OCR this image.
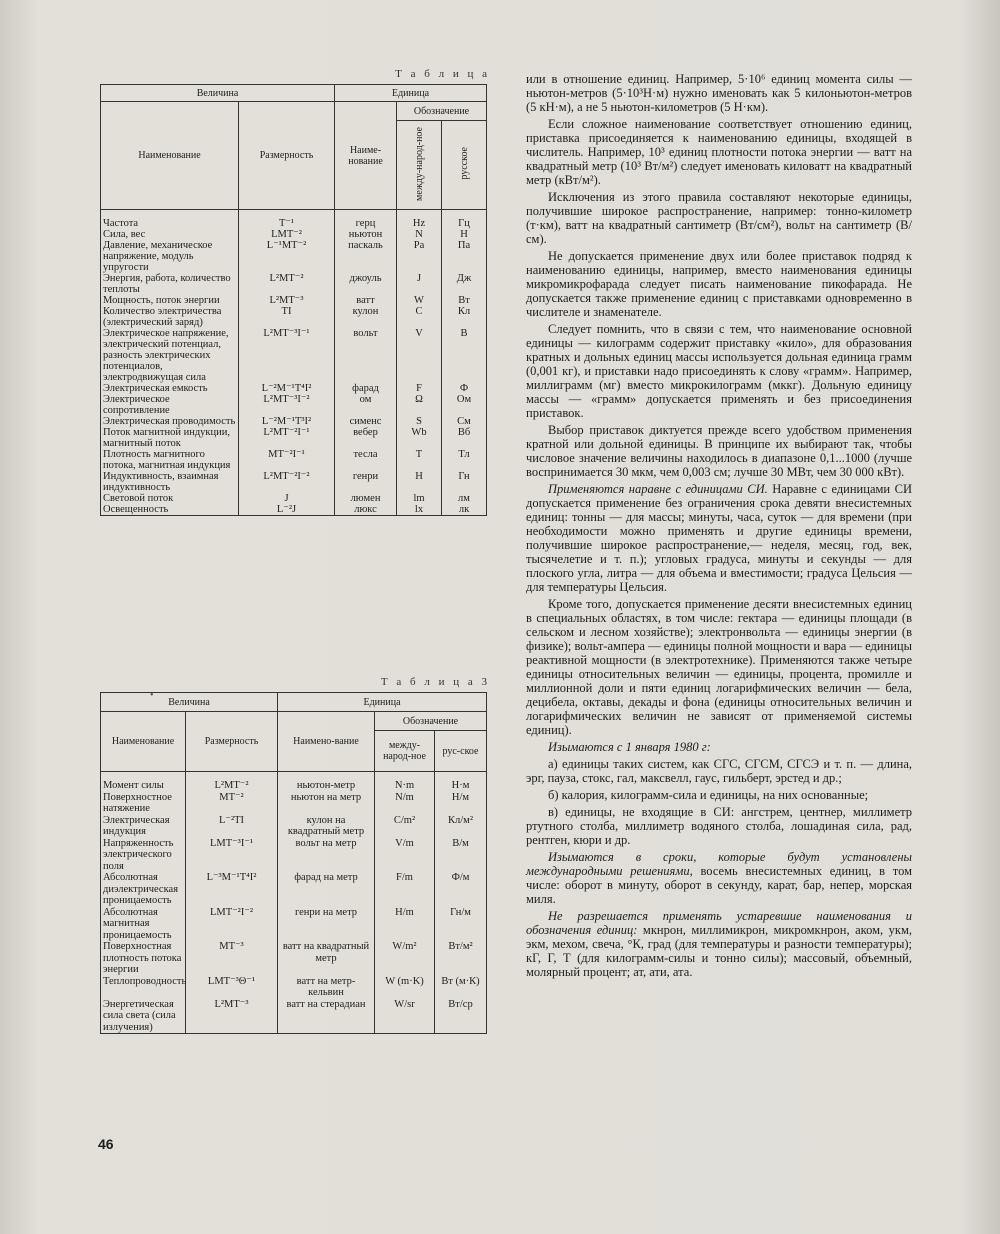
Т а б л и ц а
Величина		Единица		
Наименование	Размерность	Наиме-нование	Обозначение	
			между-народ-ное	русское
Частота	T⁻¹	герц	Hz	Гц
Сила, вес	LMT⁻²	ньютон	N	Н
Давление, механическое напряжение, модуль упругости	L⁻¹MT⁻²	паскаль	Pa	Па
Энергия, работа, количество теплоты	L²MT⁻²	джоуль	J	Дж
Мощность, поток энергии	L²MT⁻³	ватт	W	Вт
Количество электричества (электрический заряд)	TI	кулон	C	Кл
Электрическое напряжение, электрический потенциал, разность электрических потенциалов, электродвижущая сила	L²MT⁻³I⁻¹	вольт	V	В
Электрическая емкость	L⁻²M⁻¹T⁴I²	фарад	F	Ф
Электрическое сопротивление	L²MT⁻³I⁻²	ом	Ω	Ом
Электрическая проводимость	L⁻²M⁻¹T³I²	сименс	S	См
Поток магнитной индукции, магнитный поток	L²MT⁻²I⁻¹	вебер	Wb	Вб
Плотность магнитного потока, магнитная индукция	MT⁻²I⁻¹	тесла	T	Тл
Индуктивность, взаимная индуктивность	L²MT⁻²I⁻²	генри	H	Гн
Световой поток	J	люмен	lm	лм
Освещенность	L⁻²J	люкс	lx	лк

•
Т а б л и ц а 3
Величина		Единица		
Наименование	Размерность	Наимено-вание	Обозначение	
			между-народ-ное	рус-ское
Момент силы	L²MT⁻²	ньютон-метр	N·m	Н·м
Поверхностное натяжение	MT⁻²	ньютон на метр	N/m	Н/м
Электрическая индукция	L⁻²TI	кулон на квадратный метр	C/m²	Кл/м²
Напряженность электрического поля	LMT⁻³I⁻¹	вольт на метр	V/m	В/м
Абсолютная диэлектрическая проницаемость	L⁻³M⁻¹T⁴I²	фарад на метр	F/m	Ф/м
Абсолютная магнитная проницаемость	LMT⁻²I⁻²	генри на метр	H/m	Гн/м
Поверхностная плотность потока энергии	MT⁻³	ватт на квадратный метр	W/m²	Вт/м²
Теплопроводность	LMT⁻³Θ⁻¹	ватт на метр-кельвин	W (m·K)	Вт (м·К)
Энергетическая сила света (сила излучения)	L²MT⁻³	ватт на стерадиан	W/sr	Вт/ср

46

или в отношение единиц. Например, 5·10⁶ единиц момента силы — ньютон-метров (5·10³Н·м) нужно именовать как 5 килоньютон-метров (5 кН·м), а не 5 ньютон-километров (5 Н·км).

Если сложное наименование соответствует отношению единиц, приставка присоединяется к наименованию единицы, входящей в числитель. Например, 10³ единиц плотности потока энергии — ватт на квадратный метр (10³ Вт/м²) следует именовать киловатт на квадратный метр (кВт/м²).

Исключения из этого правила составляют некоторые единицы, получившие широкое распространение, например: тонно-километр (т·км), ватт на квадратный сантиметр (Вт/см²), вольт на сантиметр (В/см).

Не допускается применение двух или более приставок подряд к наименованию единицы, например, вместо наименования единицы микромикрофарада следует писать наименование пикофарада. Не допускается также применение единиц с приставками одновременно в числителе и знаменателе.

Следует помнить, что в связи с тем, что наименование основной единицы — килограмм содержит приставку «кило», для образования кратных и дольных единиц массы используется дольная единица грамм (0,001 кг), и приставки надо присоединять к слову «грамм». Например, миллиграмм (мг) вместо микрокилограмм (мккг). Дольную единицу массы — «грамм» допускается применять и без присоединения приставок.

Выбор приставок диктуется прежде всего удобством применения кратной или дольной единицы. В принципе их выбирают так, чтобы числовое значение величины находилось в диапазоне 0,1...1000 (лучше воспринимается 30 мкм, чем 0,003 см; лучше 30 МВт, чем 30 000 кВт).

Применяются наравне с единицами СИ. Наравне с единицами СИ допускается применение без ограничения срока девяти внесистемных единиц: тонны — для массы; минуты, часа, суток — для времени (при необходимости можно применять и другие единицы времени, получившие широкое распространение,— неделя, месяц, год, век, тысячелетие и т. п.); угловых градуса, минуты и секунды — для плоского угла, литра — для объема и вместимости; градуса Цельсия — для температуры Цельсия.

Кроме того, допускается применение десяти внесистемных единиц в специальных областях, в том числе: гектара — единицы площади (в сельском и лесном хозяйстве); электронвольта — единицы энергии (в физике); вольт-ампера — единицы полной мощности и вара — единицы реактивной мощности (в электротехнике). Применяются также четыре единицы относительных величин — единицы, процента, промилле и миллионной доли и пяти единиц логарифмических величин — бела, децибела, октавы, декады и фона (единицы относительных величин и логарифмических величин не зависят от применяемой системы единиц).

Изымаются с 1 января 1980 г:

а) единицы таких систем, как СГС, СГСМ, СГСЭ и т. п. — длина, эрг, пауза, стокс, гал, максвелл, гаус, гильберт, эрстед и др.;

б) калория, килограмм-сила и единицы, на них основанные;

в) единицы, не входящие в СИ: ангстрем, центнер, миллиметр ртутного столба, миллиметр водяного столба, лошадиная сила, рад, рентген, кюри и др.

Изымаются в сроки, которые будут установлены международными решениями, восемь внесистемных единиц, в том числе: оборот в минуту, оборот в секунду, карат, бар, непер, морская миля.

Не разрешается применять устаревшие наименования и обозначения единиц: мкнрон, миллимикрон, микромкнрон, аком, укм, экм, мехом, свеча, °К, град (для температуры и разности температуры); кГ, Г, Т (для килограмм-силы и тонно силы); массовый, объемный, молярный процент; ат, ати, ата.
